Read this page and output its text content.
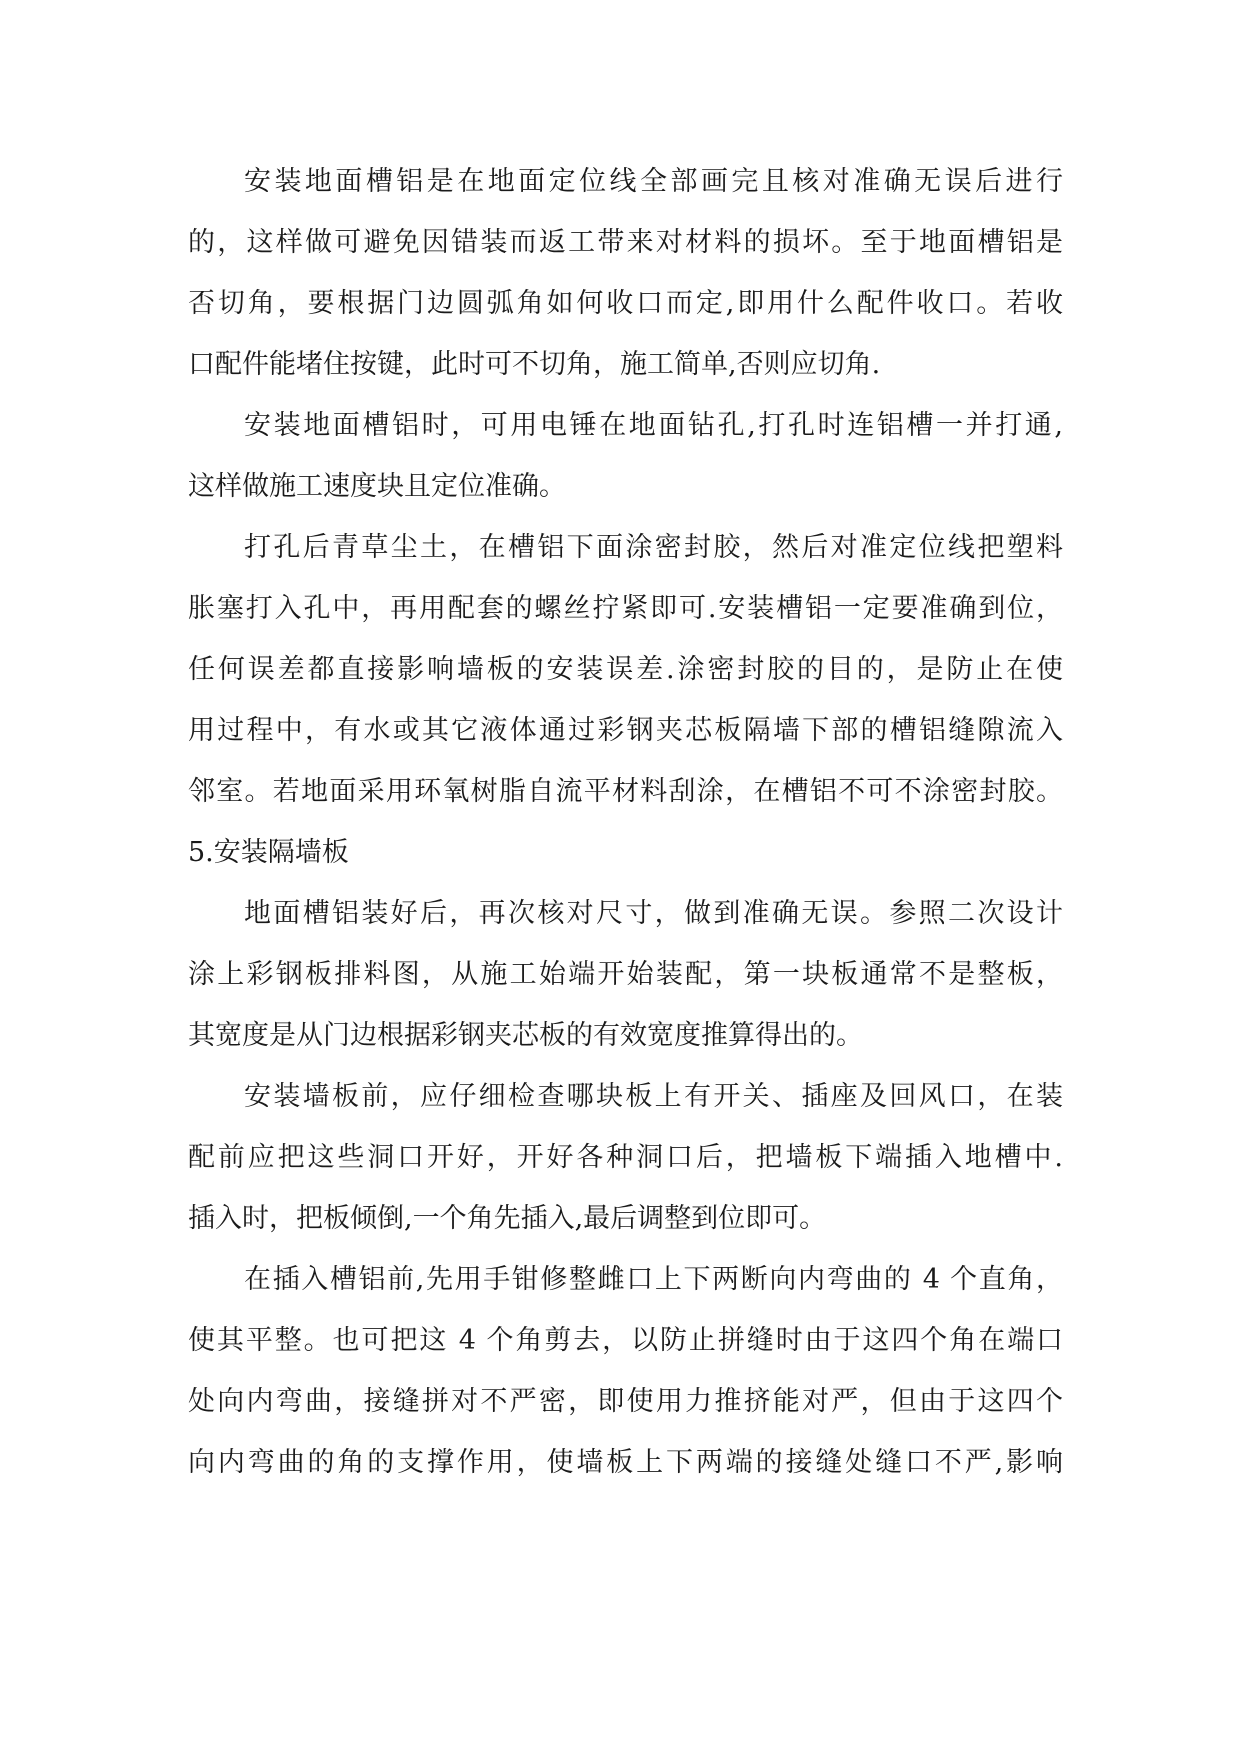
安装地面槽铝是在地面定位线全部画完且核对准确无误后进行
的，这样做可避免因错装而返工带来对材料的损坏。至于地面槽铝是
否切角，要根据门边圆弧角如何收口而定,即用什么配件收口。若收
口配件能堵住按键，此时可不切角，施工简单,否则应切角.
安装地面槽铝时，可用电锤在地面钻孔,打孔时连铝槽一并打通,
这样做施工速度块且定位准确。
打孔后青草尘土，在槽铝下面涂密封胶，然后对准定位线把塑料
胀塞打入孔中，再用配套的螺丝拧紧即可.安装槽铝一定要准确到位，
任何误差都直接影响墙板的安装误差.涂密封胶的目的，是防止在使
用过程中，有水或其它液体通过彩钢夹芯板隔墙下部的槽铝缝隙流入
邻室。若地面采用环氧树脂自流平材料刮涂，在槽铝不可不涂密封胶。
5.安装隔墙板
地面槽铝装好后，再次核对尺寸，做到准确无误。参照二次设计
涂上彩钢板排料图，从施工始端开始装配，第一块板通常不是整板，
其宽度是从门边根据彩钢夹芯板的有效宽度推算得出的。
安装墙板前，应仔细检查哪块板上有开关、插座及回风口，在装
配前应把这些洞口开好，开好各种洞口后，把墙板下端插入地槽中.
插入时，把板倾倒,一个角先插入,最后调整到位即可。
在插入槽铝前,先用手钳修整雌口上下两断向内弯曲的 4 个直角，
使其平整。也可把这 4 个角剪去，以防止拼缝时由于这四个角在端口
处向内弯曲，接缝拼对不严密，即使用力推挤能对严，但由于这四个
向内弯曲的角的支撑作用，使墙板上下两端的接缝处缝口不严,影响
